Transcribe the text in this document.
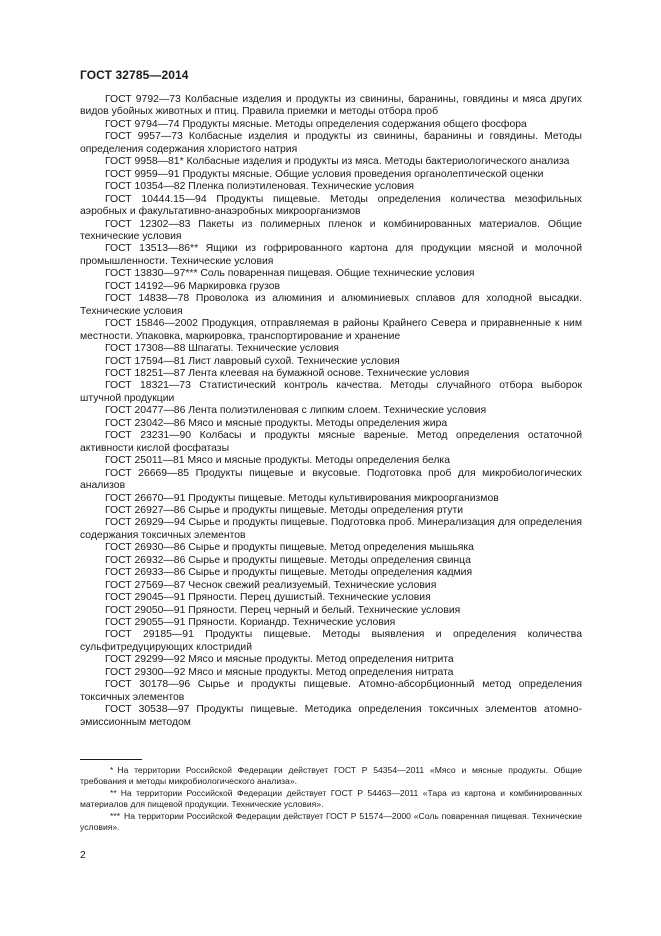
ГОСТ 32785—2014

ГОСТ 9792—73 Колбасные изделия и продукты из свинины, баранины, говядины и мяса других видов убойных животных и птиц. Правила приемки и методы отбора проб

ГОСТ 9794—74 Продукты мясные. Методы определения содержания общего фосфора

ГОСТ 9957—73 Колбасные изделия и продукты из свинины, баранины и говядины. Методы определения содержания хлористого натрия

ГОСТ 9958—81* Колбасные изделия и продукты из мяса. Методы бактериологического анализа

ГОСТ 9959—91 Продукты мясные. Общие условия проведения органолептической оценки

ГОСТ 10354—82 Пленка полиэтиленовая. Технические условия

ГОСТ 10444.15—94 Продукты пищевые. Методы определения количества мезофильных аэробных и факультативно-анаэробных микроорганизмов

ГОСТ 12302—83 Пакеты из полимерных пленок и комбинированных материалов. Общие технические условия

ГОСТ 13513—86** Ящики из гофрированного картона для продукции мясной и молочной промышленности. Технические условия

ГОСТ 13830—97*** Соль поваренная пищевая. Общие технические условия

ГОСТ 14192—96 Маркировка грузов

ГОСТ 14838—78 Проволока из алюминия и алюминиевых сплавов для холодной высадки. Технические условия

ГОСТ 15846—2002 Продукция, отправляемая в районы Крайнего Севера и приравненные к ним местности. Упаковка, маркировка, транспортирование и хранение

ГОСТ 17308—88 Шпагаты. Технические условия

ГОСТ 17594—81 Лист лавровый сухой. Технические условия

ГОСТ 18251—87 Лента клеевая на бумажной основе. Технические условия

ГОСТ 18321—73 Статистический контроль качества. Методы случайного отбора выборок штучной продукции

ГОСТ 20477—86 Лента полиэтиленовая с липким слоем. Технические условия

ГОСТ 23042—86 Мясо и мясные продукты. Методы определения жира

ГОСТ 23231—90 Колбасы и продукты мясные вареные. Метод определения остаточной активности кислой фосфатазы

ГОСТ 25011—81 Мясо и мясные продукты. Методы определения белка

ГОСТ 26669—85 Продукты пищевые и вкусовые. Подготовка проб для микробиологических анализов

ГОСТ 26670—91 Продукты пищевые. Методы культивирования микроорганизмов

ГОСТ 26927—86 Сырье и продукты пищевые. Методы определения ртути

ГОСТ 26929—94 Сырье и продукты пищевые. Подготовка проб. Минерализация для определения содержания токсичных элементов

ГОСТ 26930—86 Сырье и продукты пищевые. Метод определения мышьяка

ГОСТ 26932—86 Сырье и продукты пищевые. Методы определения свинца

ГОСТ 26933—86 Сырье и продукты пищевые. Методы определения кадмия

ГОСТ 27569—87 Чеснок свежий реализуемый. Технические условия

ГОСТ 29045—91 Пряности. Перец душистый. Технические условия

ГОСТ 29050—91 Пряности. Перец черный и белый. Технические условия

ГОСТ 29055—91 Пряности. Кориандр. Технические условия

ГОСТ 29185—91 Продукты пищевые. Методы выявления и определения количества сульфитредуцирующих клостридий

ГОСТ 29299—92 Мясо и мясные продукты. Метод определения нитрита

ГОСТ 29300—92 Мясо и мясные продукты. Метод определения нитрата

ГОСТ 30178—96 Сырье и продукты пищевые. Атомно-абсорбционный метод определения токсичных элементов

ГОСТ 30538—97 Продукты пищевые. Методика определения токсичных элементов атомно-эмиссионным методом

* На территории Российской Федерации действует ГОСТ Р 54354—2011 «Мясо и мясные продукты. Общие требования и методы микробиологического анализа».

** На территории Российской Федерации действует ГОСТ Р 54463—2011 «Тара из картона и комбинированных материалов для пищевой продукции. Технические условия».

*** На территории Российской Федерации действует ГОСТ Р 51574—2000 «Соль поваренная пищевая. Технические условия».

2
